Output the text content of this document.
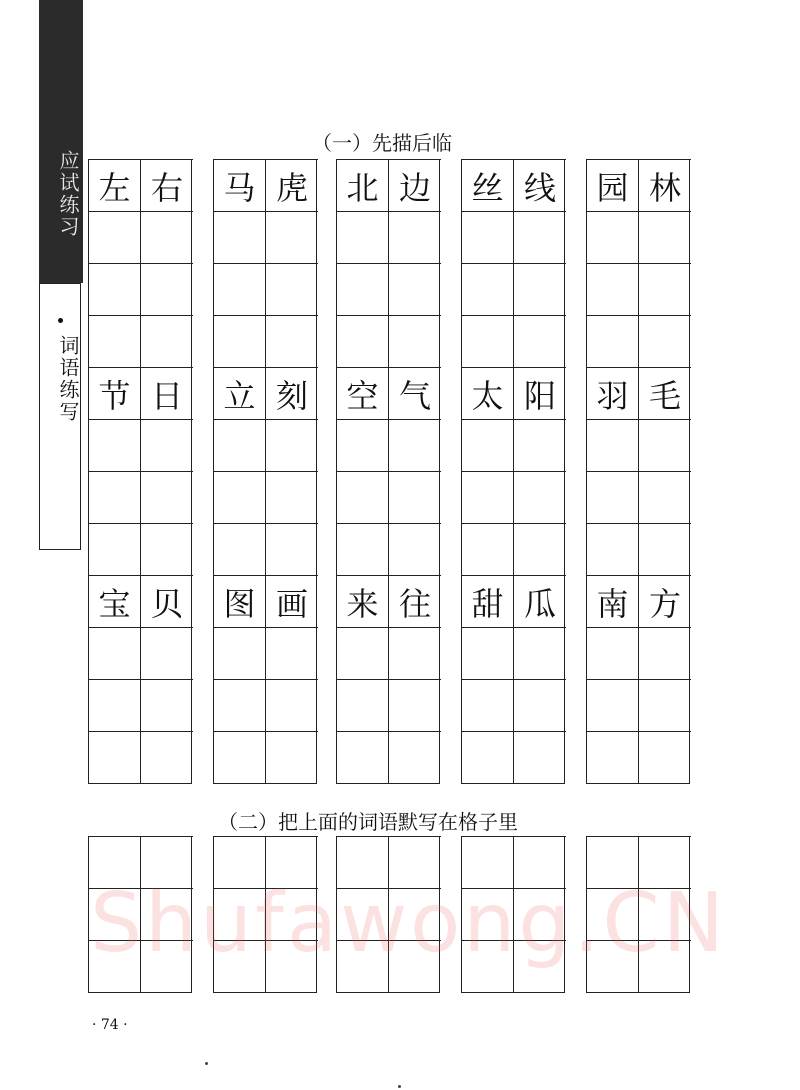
应试练习
词语练写
（一）先描后临
左 右
节 日
宝 贝
马 虎
立 刻
图 画
北 边
空 气
来 往
丝 线
太 阳
甜 瓜
园 林
羽 毛
南 方
（二）把上面的词语默写在格子里
Shufawong.CN
· 74 ·
